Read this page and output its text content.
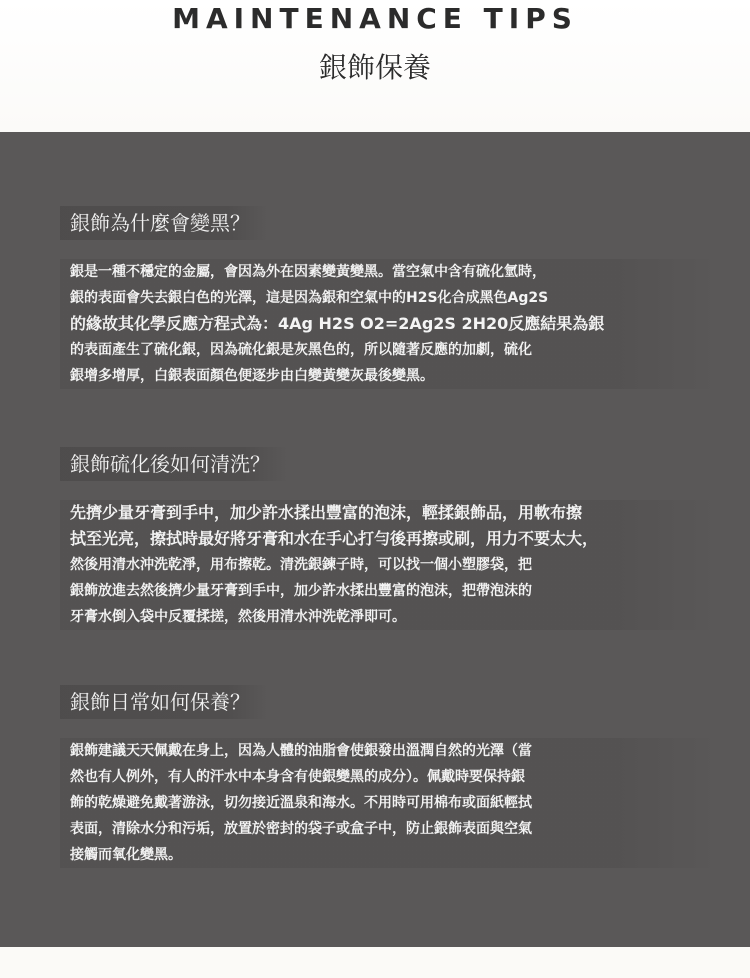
MAINTENANCE TIPS
銀飾保養
銀飾為什麼會變黑？
銀是一種不穩定的金屬，會因為外在因素變黃變黑。當空氣中含有硫化氫時，
銀的表面會失去銀白色的光澤，這是因為銀和空氣中的H2S化合成黑色Ag2S
的緣故其化學反應方程式為：4Ag H2S O2=2Ag2S 2H20反應結果為銀
的表面產生了硫化銀，因為硫化銀是灰黑色的，所以隨著反應的加劇，硫化
銀增多增厚，白銀表面顏色便逐步由白變黃變灰最後變黑。
銀飾硫化後如何清洗？
先擠少量牙膏到手中，加少許水揉出豐富的泡沫，輕揉銀飾品，用軟布擦
拭至光亮，擦拭時最好將牙膏和水在手心打勻後再擦或刷，用力不要太大，
然後用清水沖洗乾淨，用布擦乾。清洗銀鍊子時，可以找一個小塑膠袋，把
銀飾放進去然後擠少量牙膏到手中，加少許水揉出豐富的泡沫，把帶泡沫的
牙膏水倒入袋中反覆揉搓，然後用清水沖洗乾淨即可。
銀飾日常如何保養？
銀飾建議天天佩戴在身上，因為人體的油脂會使銀發出溫潤自然的光澤（當
然也有人例外，有人的汗水中本身含有使銀變黑的成分）。佩戴時要保持銀
飾的乾燥避免戴著游泳，切勿接近溫泉和海水。不用時可用棉布或面紙輕拭
表面，清除水分和污垢，放置於密封的袋子或盒子中，防止銀飾表面與空氣
接觸而氧化變黑。
